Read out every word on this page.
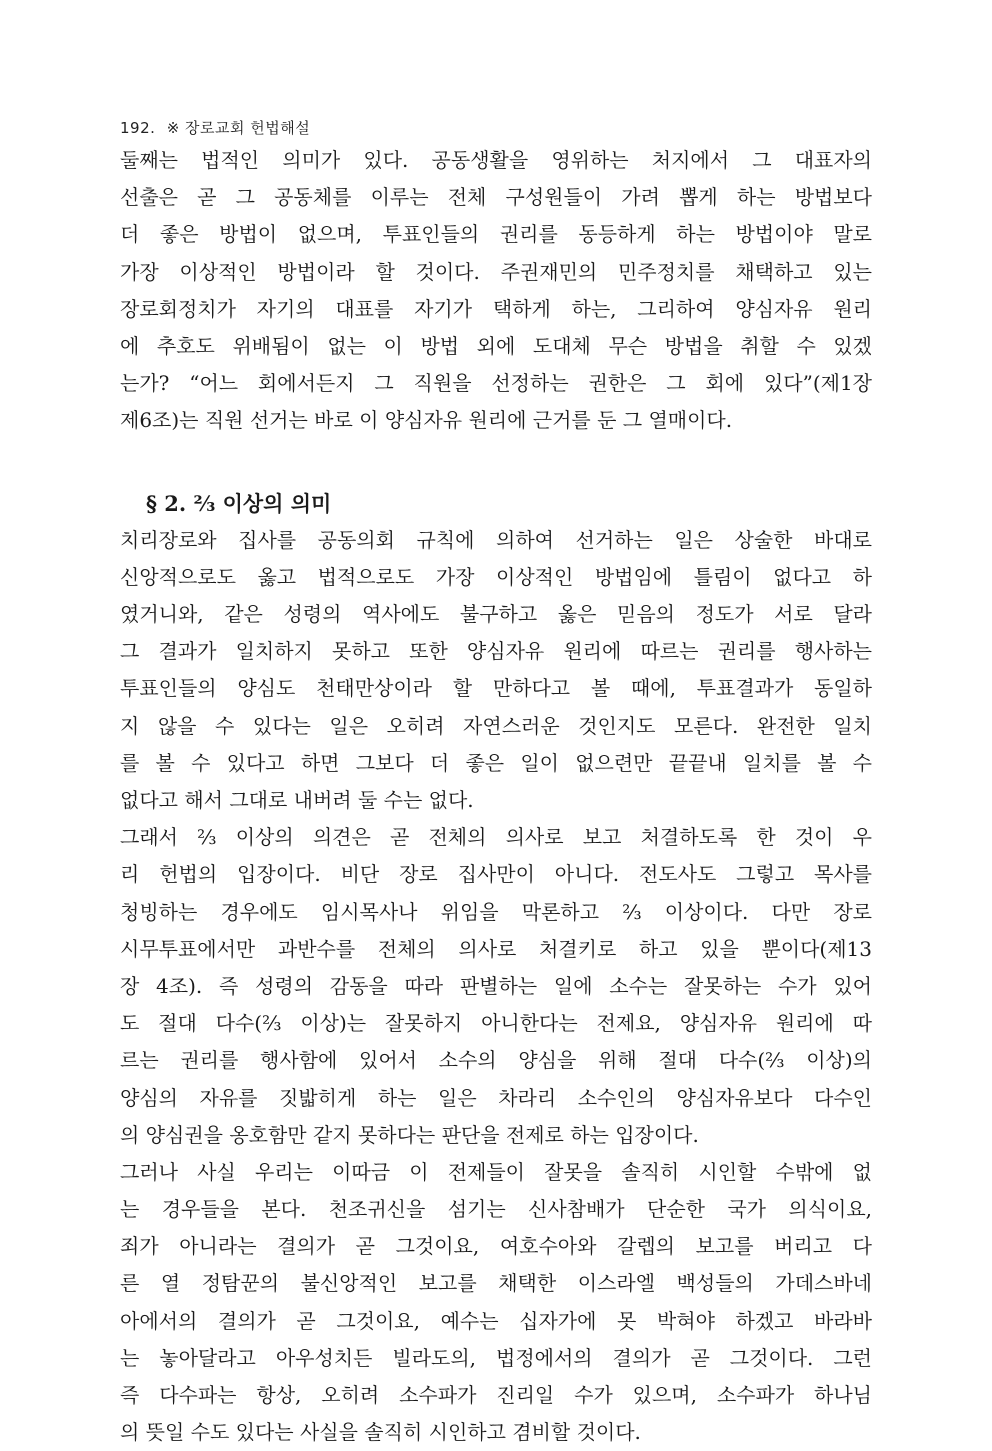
192. ※ 장로교회 헌법해설
둘째는 법적인 의미가 있다. 공동생활을 영위하는 처지에서 그 대표자의
선출은 곧 그 공동체를 이루는 전체 구성원들이 가려 뽑게 하는 방법보다
더 좋은 방법이 없으며, 투표인들의 권리를 동등하게 하는 방법이야 말로
가장 이상적인 방법이라 할 것이다. 주권재민의 민주정치를 채택하고 있는
장로회정치가 자기의 대표를 자기가 택하게 하는, 그리하여 양심자유 원리
에 추호도 위배됨이 없는 이 방법 외에 도대체 무슨 방법을 취할 수 있겠
는가? “어느 회에서든지 그 직원을 선정하는 권한은 그 회에 있다”(제1장
제6조)는 직원 선거는 바로 이 양심자유 원리에 근거를 둔 그 열매이다.
§ 2. ⅔ 이상의 의미
치리장로와 집사를 공동의회 규칙에 의하여 선거하는 일은 상술한 바대로
신앙적으로도 옳고 법적으로도 가장 이상적인 방법임에 틀림이 없다고 하
였거니와, 같은 성령의 역사에도 불구하고 옳은 믿음의 정도가 서로 달라
그 결과가 일치하지 못하고 또한 양심자유 원리에 따르는 권리를 행사하는
투표인들의 양심도 천태만상이라 할 만하다고 볼 때에, 투표결과가 동일하
지 않을 수 있다는 일은 오히려 자연스러운 것인지도 모른다. 완전한 일치
를 볼 수 있다고 하면 그보다 더 좋은 일이 없으련만 끝끝내 일치를 볼 수
없다고 해서 그대로 내버려 둘 수는 없다.
그래서 ⅔ 이상의 의견은 곧 전체의 의사로 보고 처결하도록 한 것이 우
리 헌법의 입장이다. 비단 장로 집사만이 아니다. 전도사도 그렇고 목사를
청빙하는 경우에도 임시목사나 위임을 막론하고 ⅔ 이상이다. 다만 장로
시무투표에서만 과반수를 전체의 의사로 처결키로 하고 있을 뿐이다(제13
장 4조). 즉 성령의 감동을 따라 판별하는 일에 소수는 잘못하는 수가 있어
도 절대 다수(⅔ 이상)는 잘못하지 아니한다는 전제요, 양심자유 원리에 따
르는 권리를 행사함에 있어서 소수의 양심을 위해 절대 다수(⅔ 이상)의
양심의 자유를 짓밟히게 하는 일은 차라리 소수인의 양심자유보다 다수인
의 양심권을 옹호함만 같지 못하다는 판단을 전제로 하는 입장이다.
그러나 사실 우리는 이따금 이 전제들이 잘못을 솔직히 시인할 수밖에 없
는 경우들을 본다. 천조귀신을 섬기는 신사참배가 단순한 국가 의식이요,
죄가 아니라는 결의가 곧 그것이요, 여호수아와 갈렙의 보고를 버리고 다
른 열 정탐꾼의 불신앙적인 보고를 채택한 이스라엘 백성들의 가데스바네
아에서의 결의가 곧 그것이요, 예수는 십자가에 못 박혀야 하겠고 바라바
는 놓아달라고 아우성치든 빌라도의, 법정에서의 결의가 곧 그것이다. 그런
즉 다수파는 항상, 오히려 소수파가 진리일 수가 있으며, 소수파가 하나님
의 뜻일 수도 있다는 사실을 솔직히 시인하고 겸비할 것이다.
